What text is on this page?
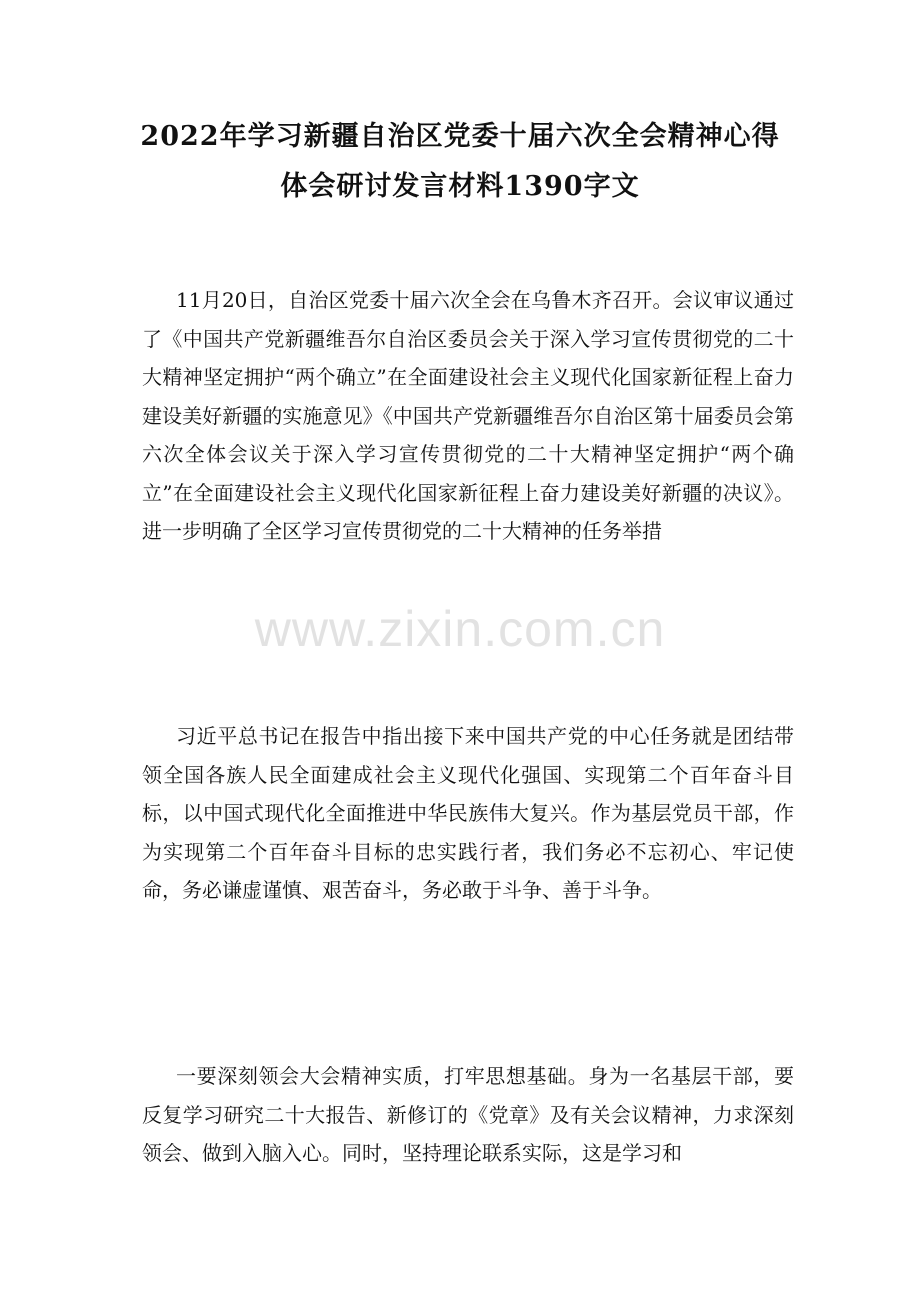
2022年学习新疆自治区党委十届六次全会精神心得
体会研讨发言材料1390字文

11月20日，自治区党委十届六次全会在乌鲁木齐召开。会议审议通过了《中国共产党新疆维吾尔自治区委员会关于深入学习宣传贯彻党的二十大精神坚定拥护“两个确立”在全面建设社会主义现代化国家新征程上奋力建设美好新疆的实施意见》《中国共产党新疆维吾尔自治区第十届委员会第六次全体会议关于深入学习宣传贯彻党的二十大精神坚定拥护“两个确立”在全面建设社会主义现代化国家新征程上奋力建设美好新疆的决议》。进一步明确了全区学习宣传贯彻党的二十大精神的任务举措

习近平总书记在报告中指出接下来中国共产党的中心任务就是团结带领全国各族人民全面建成社会主义现代化强国、实现第二个百年奋斗目标，以中国式现代化全面推进中华民族伟大复兴。作为基层党员干部，作为实现第二个百年奋斗目标的忠实践行者，我们务必不忘初心、牢记使命，务必谦虚谨慎、艰苦奋斗，务必敢于斗争、善于斗争。

一要深刻领会大会精神实质，打牢思想基础。身为一名基层干部，要反复学习研究二十大报告、新修订的《党章》及有关会议精神，力求深刻领会、做到入脑入心。同时，坚持理论联系实际，这是学习和

www.zixin.com.cn
